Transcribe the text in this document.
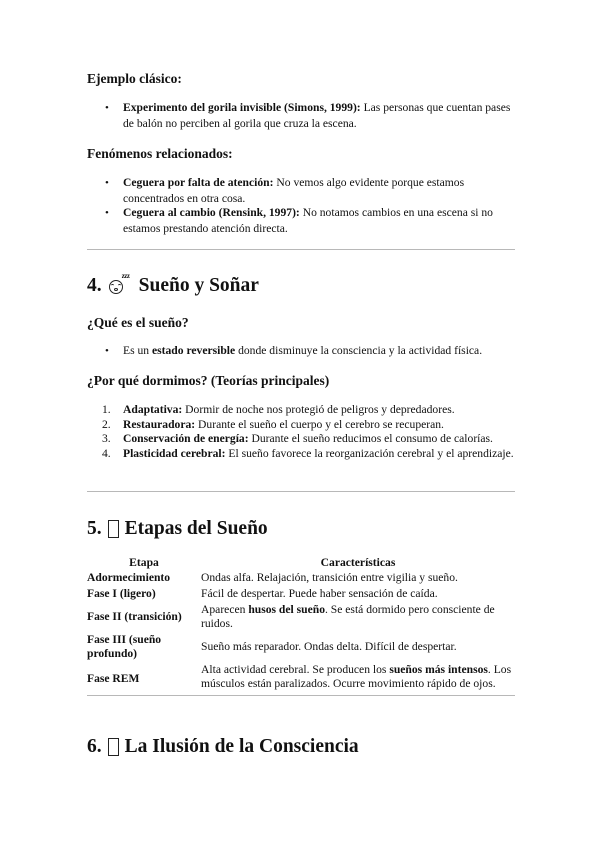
Ejemplo clásico:
• Experimento del gorila invisible (Simons, 1999): Las personas que cuentan pases de balón no perciben al gorila que cruza la escena.
Fenómenos relacionados:
• Ceguera por falta de atención: No vemos algo evidente porque estamos concentrados en otra cosa.
• Ceguera al cambio (Rensink, 1997): No notamos cambios en una escena si no estamos prestando atención directa.
4.	zzz Sueño y Soñar
¿Qué es el sueño?
• Es un estado reversible donde disminuye la consciencia y la actividad física.
¿Por qué dormimos? (Teorías principales)
1. Adaptativa: Dormir de noche nos protegió de peligros y depredadores.
2. Restauradora: Durante el sueño el cuerpo y el cerebro se recuperan.
3. Conservación de energía: Durante el sueño reducimos el consumo de calorías.
4. Plasticidad cerebral: El sueño favorece la reorganización cerebral y el aprendizaje.
5. Etapas del Sueño
Etapa	Características
Adormecimiento	Ondas alfa. Relajación, transición entre vigilia y sueño.
Fase I (ligero)	Fácil de despertar. Puede haber sensación de caída.
Fase II (transición)	Aparecen husos del sueño. Se está dormido pero consciente de ruidos.
Fase III (sueño profundo)	Sueño más reparador. Ondas delta. Difícil de despertar.
Fase REM	Alta actividad cerebral. Se producen los sueños más intensos. Los músculos están paralizados. Ocurre movimiento rápido de ojos.
6. La Ilusión de la Consciencia
